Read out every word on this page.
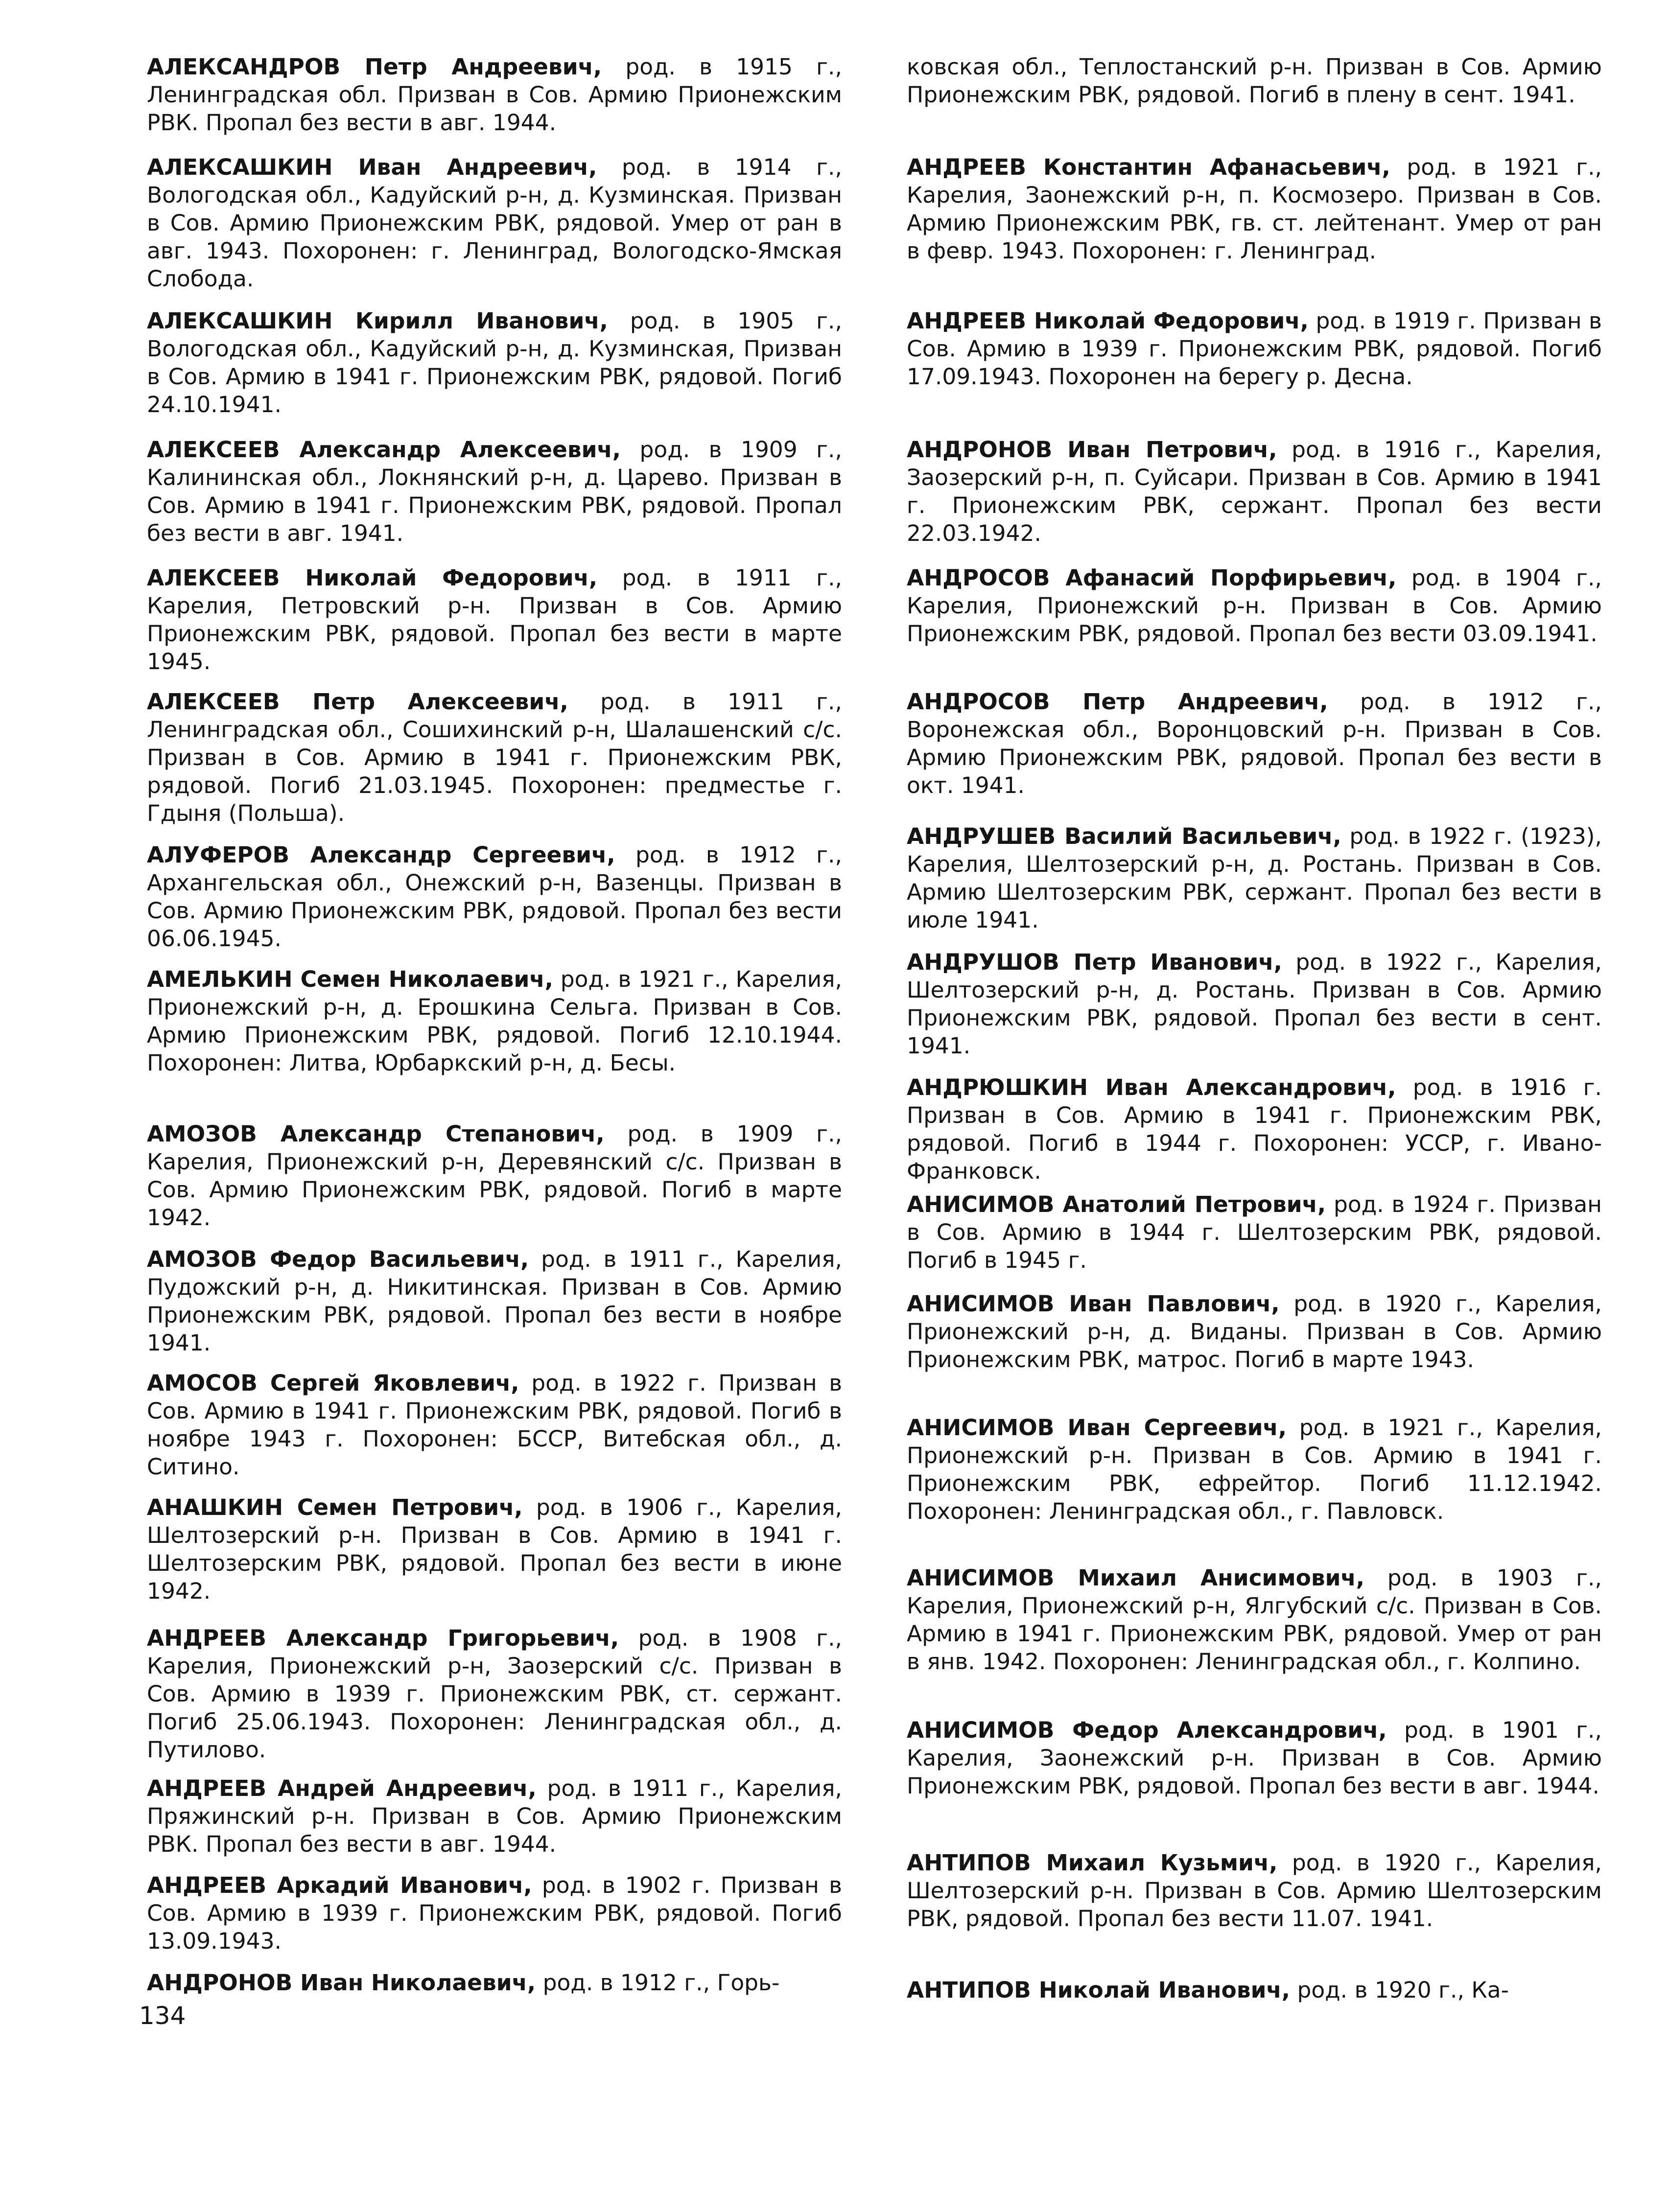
АЛЕКСАНДРОВ Петр Андреевич, род. в 1915 г., Ленинградская обл. Призван в Сов. Армию Прионежским РВК. Пропал без вести в авг. 1944.

АЛЕКСАШКИН Иван Андреевич, род. в 1914 г., Вологодская обл., Кадуйский р-н, д. Кузминская. Призван в Сов. Армию Прионежским РВК, рядовой. Умер от ран в авг. 1943. Похоронен: г. Ленинград, Вологодско-Ямская Слобода.

АЛЕКСАШКИН Кирилл Иванович, род. в 1905 г., Вологодская обл., Кадуйский р-н, д. Кузминская, Призван в Сов. Армию в 1941 г. Прионежским РВК, рядовой. Погиб 24.10.1941.

АЛЕКСЕЕВ Александр Алексеевич, род. в 1909 г., Калининская обл., Локнянский р-н, д. Царево. Призван в Сов. Армию в 1941 г. Прионежским РВК, рядовой. Пропал без вести в авг. 1941.

АЛЕКСЕЕВ Николай Федорович, род. в 1911 г., Карелия, Петровский р-н. Призван в Сов. Армию Прионежским РВК, рядовой. Пропал без вести в марте 1945.

АЛЕКСЕЕВ Петр Алексеевич, род. в 1911 г., Ленинградская обл., Сошихинский р-н, Шалашенский с/с. Призван в Сов. Армию в 1941 г. Прионежским РВК, рядовой. Погиб 21.03.1945. Похоронен: предместье г. Гдыня (Польша).

АЛУФЕРОВ Александр Сергеевич, род. в 1912 г., Архангельская обл., Онежский р-н, Вазенцы. Призван в Сов. Армию Прионежским РВК, рядовой. Пропал без вести 06.06.1945.

АМЕЛЬКИН Семен Николаевич, род. в 1921 г., Карелия, Прионежский р-н, д. Ерошкина Сельга. Призван в Сов. Армию Прионежским РВК, рядовой. Погиб 12.10.1944. Похоронен: Литва, Юрбаркский р-н, д. Бесы.

АМОЗОВ Александр Степанович, род. в 1909 г., Карелия, Прионежский р-н, Деревянский с/с. Призван в Сов. Армию Прионежским РВК, рядовой. Погиб в марте 1942.

АМОЗОВ Федор Васильевич, род. в 1911 г., Карелия, Пудожский р-н, д. Никитинская. Призван в Сов. Армию Прионежским РВК, рядовой. Пропал без вести в ноябре 1941.

АМОСОВ Сергей Яковлевич, род. в 1922 г. Призван в Сов. Армию в 1941 г. Прионежским РВК, рядовой. Погиб в ноябре 1943 г. Похоронен: БССР, Витебская обл., д. Ситино.

АНАШКИН Семен Петрович, род. в 1906 г., Карелия, Шелтозерский р-н. Призван в Сов. Армию в 1941 г. Шелтозерским РВК, рядовой. Пропал без вести в июне 1942.

АНДРЕЕВ Александр Григорьевич, род. в 1908 г., Карелия, Прионежский р-н, Заозерский с/с. Призван в Сов. Армию в 1939 г. Прионежским РВК, ст. сержант. Погиб 25.06.1943. Похоронен: Ленинградская обл., д. Путилово.

АНДРЕЕВ Андрей Андреевич, род. в 1911 г., Карелия, Пряжинский р-н. Призван в Сов. Армию Прионежским РВК. Пропал без вести в авг. 1944.

АНДРЕЕВ Аркадий Иванович, род. в 1902 г. Призван в Сов. Армию в 1939 г. Прионежским РВК, рядовой. Погиб 13.09.1943.

АНДРОНОВ Иван Николаевич, род. в 1912 г., Горь-

ковская обл., Теплостанский р-н. Призван в Сов. Армию Прионежским РВК, рядовой. Погиб в плену в сент. 1941.

АНДРЕЕВ Константин Афанасьевич, род. в 1921 г., Карелия, Заонежский р-н, п. Космозеро. Призван в Сов. Армию Прионежским РВК, гв. ст. лейтенант. Умер от ран в февр. 1943. Похоронен: г. Ленинград.

АНДРЕЕВ Николай Федорович, род. в 1919 г. Призван в Сов. Армию в 1939 г. Прионежским РВК, рядовой. Погиб 17.09.1943. Похоронен на берегу р. Десна.

АНДРОНОВ Иван Петрович, род. в 1916 г., Карелия, Заозерский р-н, п. Суйсари. Призван в Сов. Армию в 1941 г. Прионежским РВК, сержант. Пропал без вести 22.03.1942.

АНДРОСОВ Афанасий Порфирьевич, род. в 1904 г., Карелия, Прионежский р-н. Призван в Сов. Армию Прионежским РВК, рядовой. Пропал без вести 03.09.1941.

АНДРОСОВ Петр Андреевич, род. в 1912 г., Воронежская обл., Воронцовский р-н. Призван в Сов. Армию Прионежским РВК, рядовой. Пропал без вести в окт. 1941.

АНДРУШЕВ Василий Васильевич, род. в 1922 г. (1923), Карелия, Шелтозерский р-н, д. Ростань. Призван в Сов. Армию Шелтозерским РВК, сержант. Пропал без вести в июле 1941.

АНДРУШОВ Петр Иванович, род. в 1922 г., Карелия, Шелтозерский р-н, д. Ростань. Призван в Сов. Армию Прионежским РВК, рядовой. Пропал без вести в сент. 1941.

АНДРЮШКИН Иван Александрович, род. в 1916 г. Призван в Сов. Армию в 1941 г. Прионежским РВК, рядовой. Погиб в 1944 г. Похоронен: УССР, г. Ивано-Франковск.

АНИСИМОВ Анатолий Петрович, род. в 1924 г. Призван в Сов. Армию в 1944 г. Шелтозерским РВК, рядовой. Погиб в 1945 г.

АНИСИМОВ Иван Павлович, род. в 1920 г., Карелия, Прионежский р-н, д. Виданы. Призван в Сов. Армию Прионежским РВК, матрос. Погиб в марте 1943.

АНИСИМОВ Иван Сергеевич, род. в 1921 г., Карелия, Прионежский р-н. Призван в Сов. Армию в 1941 г. Прионежским РВК, ефрейтор. Погиб 11.12.1942. Похоронен: Ленинградская обл., г. Павловск.

АНИСИМОВ Михаил Анисимович, род. в 1903 г., Карелия, Прионежский р-н, Ялгубский с/с. Призван в Сов. Армию в 1941 г. Прионежским РВК, рядовой. Умер от ран в янв. 1942. Похоронен: Ленинградская обл., г. Колпино.

АНИСИМОВ Федор Александрович, род. в 1901 г., Карелия, Заонежский р-н. Призван в Сов. Армию Прионежским РВК, рядовой. Пропал без вести в авг. 1944.

АНТИПОВ Михаил Кузьмич, род. в 1920 г., Карелия, Шелтозерский р-н. Призван в Сов. Армию Шелтозерским РВК, рядовой. Пропал без вести 11.07. 1941.

АНТИПОВ Николай Иванович, род. в 1920 г., Ка-

134
